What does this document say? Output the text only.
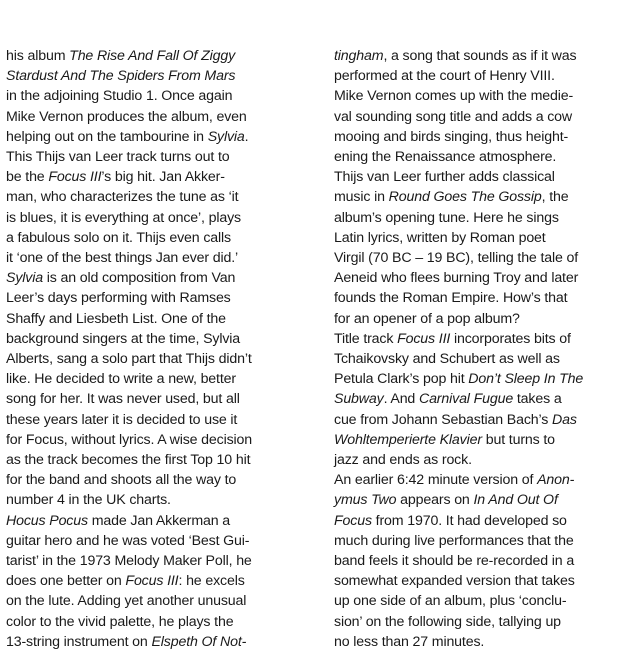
his album The Rise And Fall Of Ziggy
Stardust And The Spiders From Mars
in the adjoining Studio 1. Once again
Mike Vernon produces the album, even
helping out on the tambourine in Sylvia.
This Thijs van Leer track turns out to
be the Focus III’s big hit. Jan Akker-
man, who characterizes the tune as ‘it
is blues, it is everything at once’, plays
a fabulous solo on it. Thijs even calls
it ‘one of the best things Jan ever did.’
Sylvia is an old composition from Van
Leer’s days performing with Ramses
Shaffy and Liesbeth List. One of the
background singers at the time, Sylvia
Alberts, sang a solo part that Thijs didn’t
like. He decided to write a new, better
song for her. It was never used, but all
these years later it is decided to use it
for Focus, without lyrics. A wise decision
as the track becomes the first Top 10 hit
for the band and shoots all the way to
number 4 in the UK charts.
Hocus Pocus made Jan Akkerman a
guitar hero and he was voted ‘Best Gui-
tarist’ in the 1973 Melody Maker Poll, he
does one better on Focus III: he excels
on the lute. Adding yet another unusual
color to the vivid palette, he plays the
13-string instrument on Elspeth Of Not-
tingham, a song that sounds as if it was
performed at the court of Henry VIII.
Mike Vernon comes up with the medie-
val sounding song title and adds a cow
mooing and birds singing, thus height-
ening the Renaissance atmosphere.
Thijs van Leer further adds classical
music in Round Goes The Gossip, the
album’s opening tune. Here he sings
Latin lyrics, written by Roman poet
Virgil (70 BC – 19 BC), telling the tale of
Aeneid who flees burning Troy and later
founds the Roman Empire. How’s that
for an opener of a pop album?
Title track Focus III incorporates bits of
Tchaikovsky and Schubert as well as
Petula Clark’s pop hit Don’t Sleep In The
Subway. And Carnival Fugue takes a
cue from Johann Sebastian Bach’s Das
Wohltemperierte Klavier but turns to
jazz and ends as rock.
An earlier 6:42 minute version of Anon-
ymus Two appears on In And Out Of
Focus from 1970. It had developed so
much during live performances that the
band feels it should be re-recorded in a
somewhat expanded version that takes
up one side of an album, plus ‘conclu-
sion’ on the following side, tallying up
no less than 27 minutes.
